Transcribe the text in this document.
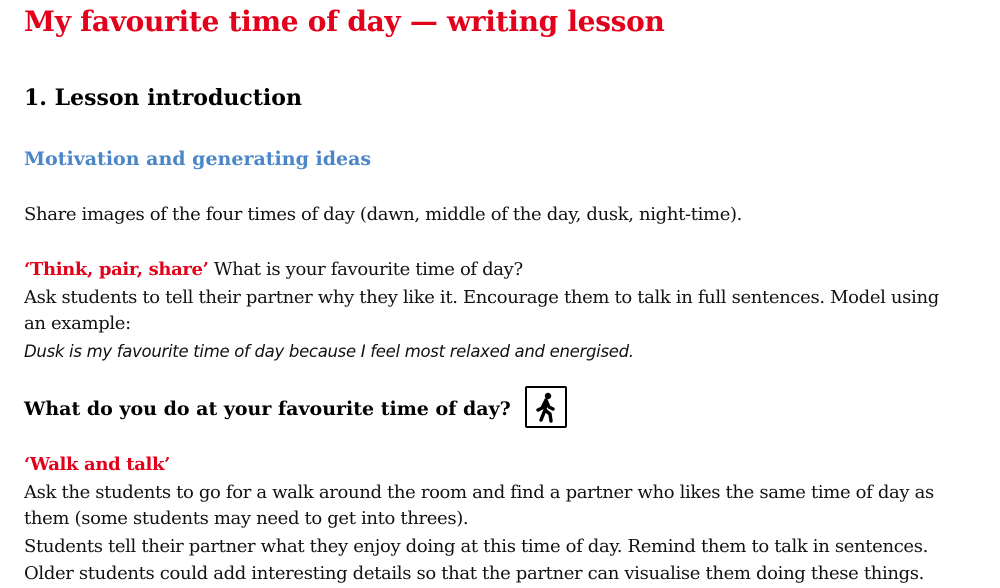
My favourite time of day — writing lesson
1. Lesson introduction
Motivation and generating ideas
Share images of the four times of day (dawn, middle of the day, dusk, night-time).
‘Think, pair, share’ What is your favourite time of day?
Ask students to tell their partner why they like it. Encourage them to talk in full sentences. Model using
an example:
Dusk is my favourite time of day because I feel most relaxed and energised.
What do you do at your favourite time of day?
‘Walk and talk’
Ask the students to go for a walk around the room and find a partner who likes the same time of day as
them (some students may need to get into threes).
Students tell their partner what they enjoy doing at this time of day. Remind them to talk in sentences.
Older students could add interesting details so that the partner can visualise them doing these things.
